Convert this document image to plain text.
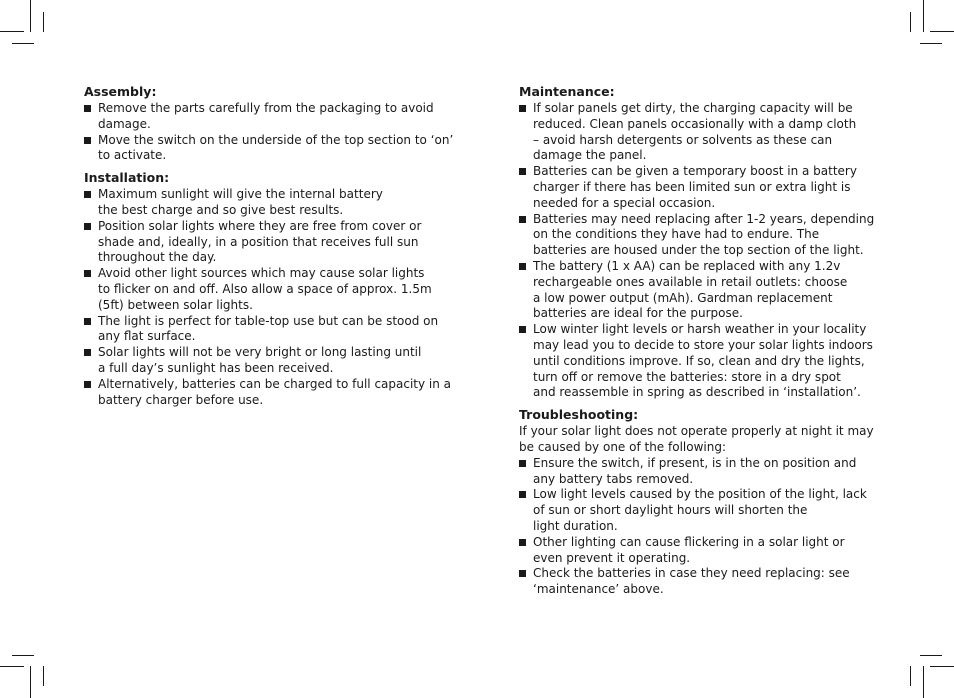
Assembly:
Remove the parts carefully from the packaging to avoid
damage.
Move the switch on the underside of the top section to ‘on’
to activate.
Installation:
Maximum sunlight will give the internal battery
the best charge and so give best results.
Position solar lights where they are free from cover or
shade and, ideally, in a position that receives full sun
throughout the day.
Avoid other light sources which may cause solar lights
to flicker on and off. Also allow a space of approx. 1.5m
(5ft) between solar lights.
The light is perfect for table-top use but can be stood on
any flat surface.
Solar lights will not be very bright or long lasting until
a full day’s sunlight has been received.
Alternatively, batteries can be charged to full capacity in a
battery charger before use.
Maintenance:
If solar panels get dirty, the charging capacity will be
reduced. Clean panels occasionally with a damp cloth
– avoid harsh detergents or solvents as these can
damage the panel.
Batteries can be given a temporary boost in a battery
charger if there has been limited sun or extra light is
needed for a special occasion.
Batteries may need replacing after 1-2 years, depending
on the conditions they have had to endure. The
batteries are housed under the top section of the light.
The battery (1 x AA) can be replaced with any 1.2v
rechargeable ones available in retail outlets: choose
a low power output (mAh). Gardman replacement
batteries are ideal for the purpose.
Low winter light levels or harsh weather in your locality
may lead you to decide to store your solar lights indoors
until conditions improve. If so, clean and dry the lights,
turn off or remove the batteries: store in a dry spot
and reassemble in spring as described in ‘installation’.
Troubleshooting:

If your solar light does not operate properly at night it may
be caused by one of the following:

Ensure the switch, if present, is in the on position and
any battery tabs removed.
Low light levels caused by the position of the light, lack
of sun or short daylight hours will shorten the
light duration.
Other lighting can cause flickering in a solar light or
even prevent it operating.
Check the batteries in case they need replacing: see
‘maintenance’ above.
